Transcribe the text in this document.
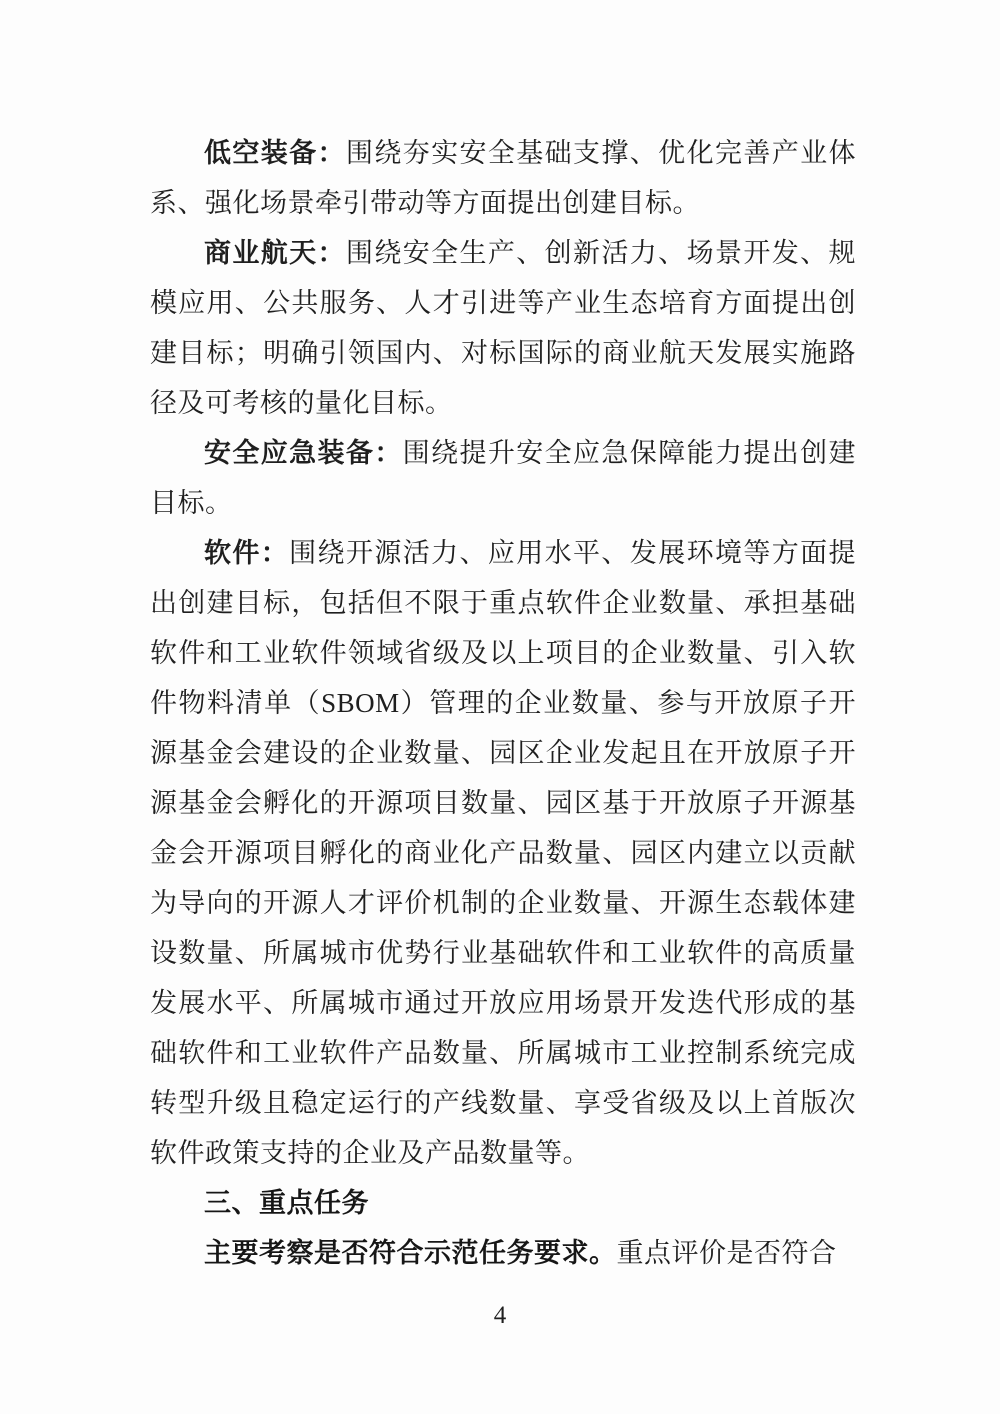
低空装备：围绕夯实安全基础支撑、优化完善产业体系、强化场景牵引带动等方面提出创建目标。

商业航天：围绕安全生产、创新活力、场景开发、规模应用、公共服务、人才引进等产业生态培育方面提出创建目标；明确引领国内、对标国际的商业航天发展实施路径及可考核的量化目标。

安全应急装备：围绕提升安全应急保障能力提出创建目标。

软件：围绕开源活力、应用水平、发展环境等方面提出创建目标，包括但不限于重点软件企业数量、承担基础软件和工业软件领域省级及以上项目的企业数量、引入软件物料清单（SBOM）管理的企业数量、参与开放原子开源基金会建设的企业数量、园区企业发起且在开放原子开源基金会孵化的开源项目数量、园区基于开放原子开源基金会开源项目孵化的商业化产品数量、园区内建立以贡献为导向的开源人才评价机制的企业数量、开源生态载体建设数量、所属城市优势行业基础软件和工业软件的高质量发展水平、所属城市通过开放应用场景开发迭代形成的基础软件和工业软件产品数量、所属城市工业控制系统完成转型升级且稳定运行的产线数量、享受省级及以上首版次软件政策支持的企业及产品数量等。

三、重点任务

主要考察是否符合示范任务要求。重点评价是否符合

4
